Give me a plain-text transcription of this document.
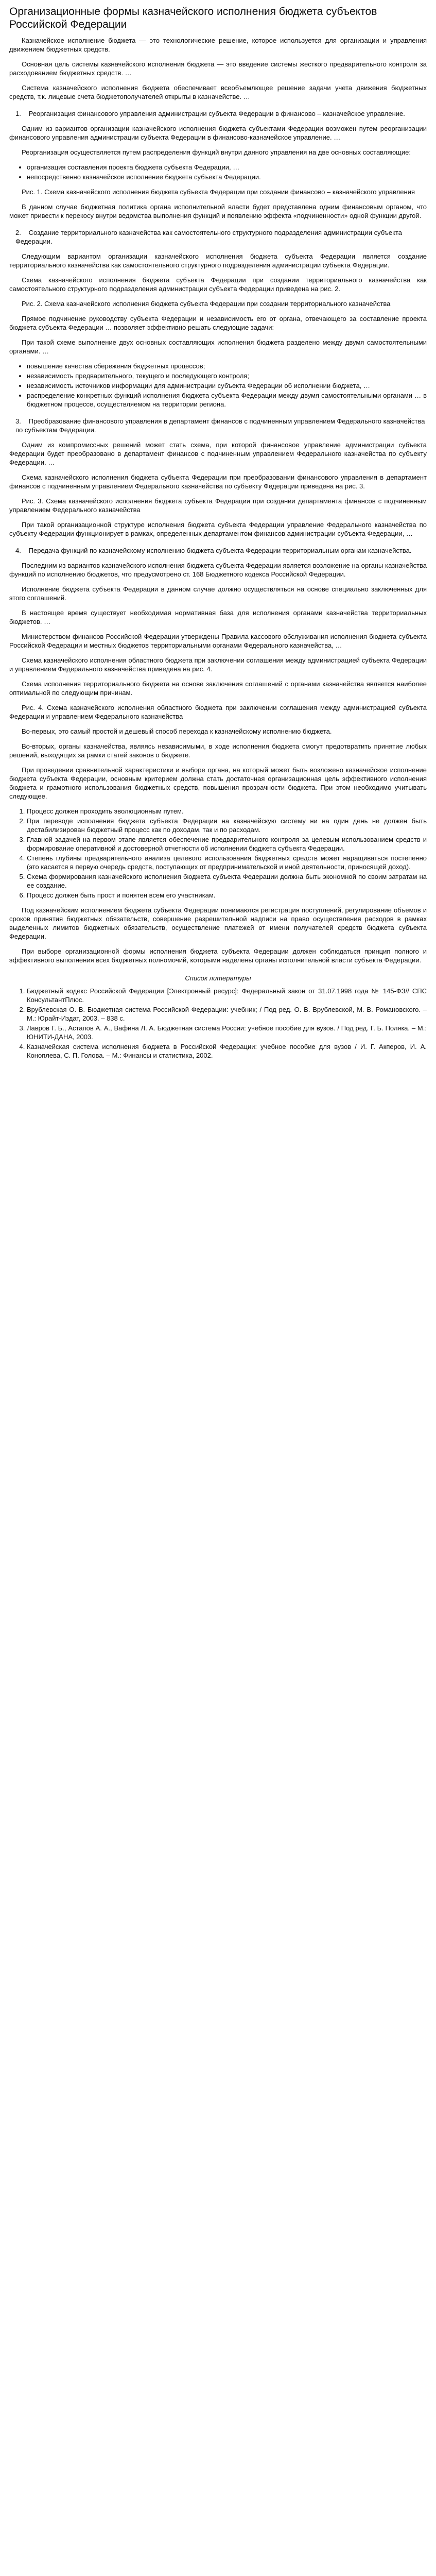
Организационные формы казначейского исполнения бюджета субъектов Российской Федерации

Казначейское исполнение бюджета — это технологические решение, которое используется для организации и управления движением бюджетных средств.

Основная цель системы казначейского исполнения бюджета — это введение системы жесткого предварительного контроля за расходованием бюджетных средств. …

Система казначейского исполнения бюджета обеспечивает всеобъемлющее решение задачи учета движения бюджетных средств, т.к. лицевые счета бюджетополучателей открыты в казначействе. …

1. Реорганизация финансового управления администрации субъекта Федерации в финансово – казначейское управление.

Одним из вариантов организации казначейского исполнения бюджета субъектами Федерации возможен путем реорганизации финансового управления администрации субъекта Федерации в финансово-казначейское управление. …

Реорганизация осуществляется путем распределения функций внутри данного управления на две основных составляющие:

• организация составления проекта бюджета субъекта Федерации, …
• непосредственно казначейское исполнение бюджета субъекта Федерации.
Рис. 1. Схема казначейского исполнения бюджета субъекта Федерации при создании финансово – казначейского управления

В данном случае бюджетная политика органа исполнительной власти будет представлена одним финансовым органом, что может привести к перекосу внутри ведомства выполнения функций и появлению эффекта «подчиненности» одной функции другой.

2. Создание территориального казначейства как самостоятельного структурного подразделения администрации субъекта Федерации.

Следующим вариантом организации казначейского исполнения бюджета субъекта Федерации является создание территориального казначейства как самостоятельного структурного подразделения администрации субъекта Федерации.

Схема казначейского исполнения бюджета субъекта Федерации при создании территориального казначейства как самостоятельного структурного подразделения администрации субъекта Федерации приведена на рис. 2.

Рис. 2. Схема казначейского исполнения бюджета субъекта Федерации при создании территориального казначейства

Прямое подчинение руководству субъекта Федерации и независимость его от органа, отвечающего за составление проекта бюджета субъекта Федерации … позволяет эффективно решать следующие задачи:

При такой схеме выполнение двух основных составляющих исполнения бюджета разделено между двумя самостоятельными органами. …

• повышение качества сбережения бюджетных процессов;
• независимость предварительного, текущего и последующего контроля;
• независимость источников информации для администрации субъекта Федерации об исполнении бюджета, …
• распределение конкретных функций исполнения бюджета субъекта Федерации между двумя самостоятельными органами … в бюджетном процессе, осуществляемом на территории региона.
3. Преобразование финансового управления в департамент финансов с подчиненным управлением Федерального казначейства по субъектам Федерации.

Одним из компромиссных решений может стать схема, при которой финансовое управление администрации субъекта Федерации будет преобразовано в департамент финансов с подчиненным управлением Федерального казначейства по субъекту Федерации. …

Схема казначейского исполнения бюджета субъекта Федерации при преобразовании финансового управления в департамент финансов с подчиненным управлением Федерального казначейства по субъекту Федерации приведена на рис. 3.

Рис. 3. Схема казначейского исполнения бюджета субъекта Федерации при создании департамента финансов с подчиненным управлением Федерального казначейства

При такой организационной структуре исполнения бюджета субъекта Федерации управление Федерального казначейства по субъекту Федерации функционирует в рамках, определенных департаментом финансов администрации субъекта Федерации, …

4. Передача функций по казначейскому исполнению бюджета субъекта Федерации территориальным органам казначейства.

Последним из вариантов казначейского исполнения бюджета субъекта Федерации является возложение на органы казначейства функций по исполнению бюджетов, что предусмотрено ст. 168 Бюджетного кодекса Российской Федерации.

Исполнение бюджета субъекта Федерации в данном случае должно осуществляться на основе специально заключенных для этого соглашений.

В настоящее время существует необходимая нормативная база для исполнения органами казначейства территориальных бюджетов. …

Министерством финансов Российской Федерации утверждены Правила кассового обслуживания исполнения бюджета субъекта Российской Федерации и местных бюджетов территориальными органами Федерального казначейства, …

Схема казначейского исполнения областного бюджета при заключении соглашения между администрацией субъекта Федерации и управлением Федерального казначейства приведена на рис. 4.

Схема исполнения территориального бюджета на основе заключения соглашений с органами казначейства является наиболее оптимальной по следующим причинам.

Рис. 4. Схема казначейского исполнения областного бюджета при заключении соглашения между администрацией субъекта Федерации и управлением Федерального казначейства

Во-первых, это самый простой и дешевый способ перехода к казначейскому исполнению бюджета.

Во-вторых, органы казначейства, являясь независимыми, в ходе исполнения бюджета смогут предотвратить принятие любых решений, выходящих за рамки статей законов о бюджете.

При проведении сравнительной характеристики и выборе органа, на который может быть возложено казначейское исполнение бюджета субъекта Федерации, основным критерием должна стать достаточная организационная цель эффективного исполнения бюджета и грамотного использования бюджетных средств, повышения прозрачности бюджета. При этом необходимо учитывать следующее.

1. Процесс должен проходить эволюционным путем.
2. При переводе исполнения бюджета субъекта Федерации на казначейскую систему ни на один день не должен быть дестабилизирован бюджетный процесс как по доходам, так и по расходам.
3. Главной задачей на первом этапе является обеспечение предварительного контроля за целевым использованием средств и формирование оперативной и достоверной отчетности об исполнении бюджета субъекта Федерации.
4. Степень глубины предварительного анализа целевого использования бюджетных средств может наращиваться постепенно (это касается в первую очередь средств, поступающих от предпринимательской и иной деятельности, приносящей доход).
5. Схема формирования казначейского исполнения бюджета субъекта Федерации должна быть экономной по своим затратам на ее создание.
6. Процесс должен быть прост и понятен всем его участникам.

Под казначейским исполнением бюджета субъекта Федерации понимаются регистрация поступлений, регулирование объемов и сроков принятия бюджетных обязательств, совершение разрешительной надписи на право осуществления расходов в рамках выделенных лимитов бюджетных обязательств, осуществление платежей от имени получателей средств бюджета субъекта Федерации.

При выборе организационной формы исполнения бюджета субъекта Федерации должен соблюдаться принцип полного и эффективного выполнения всех бюджетных полномочий, которыми наделены органы исполнительной власти субъекта Федерации.

Список литературы
1. Бюджетный кодекс Российской Федерации [Электронный ресурс]: Федеральный закон от 31.07.1998 года № 145-ФЗ// СПС КонсультантПлюс.
2. Врублевская О. В. Бюджетная система Российской Федерации: учебник; / Под ред. О. В. Врублевской, М. В. Романовского. – М.: Юрайт-Издат, 2003. – 838 с.
3. Лавров Г. Б., Астапов А. А., Вафина Л. А. Бюджетная система России: учебное пособие для вузов. / Под ред. Г. Б. Полякa. – М.: ЮНИТИ-ДАНА, 2003.
4. Казначейская система исполнения бюджета в Российской Федерации: учебное пособие для вузов / И. Г. Акперов, И. А. Коноплева, С. П. Голова. – М.: Финансы и статистика, 2002.
